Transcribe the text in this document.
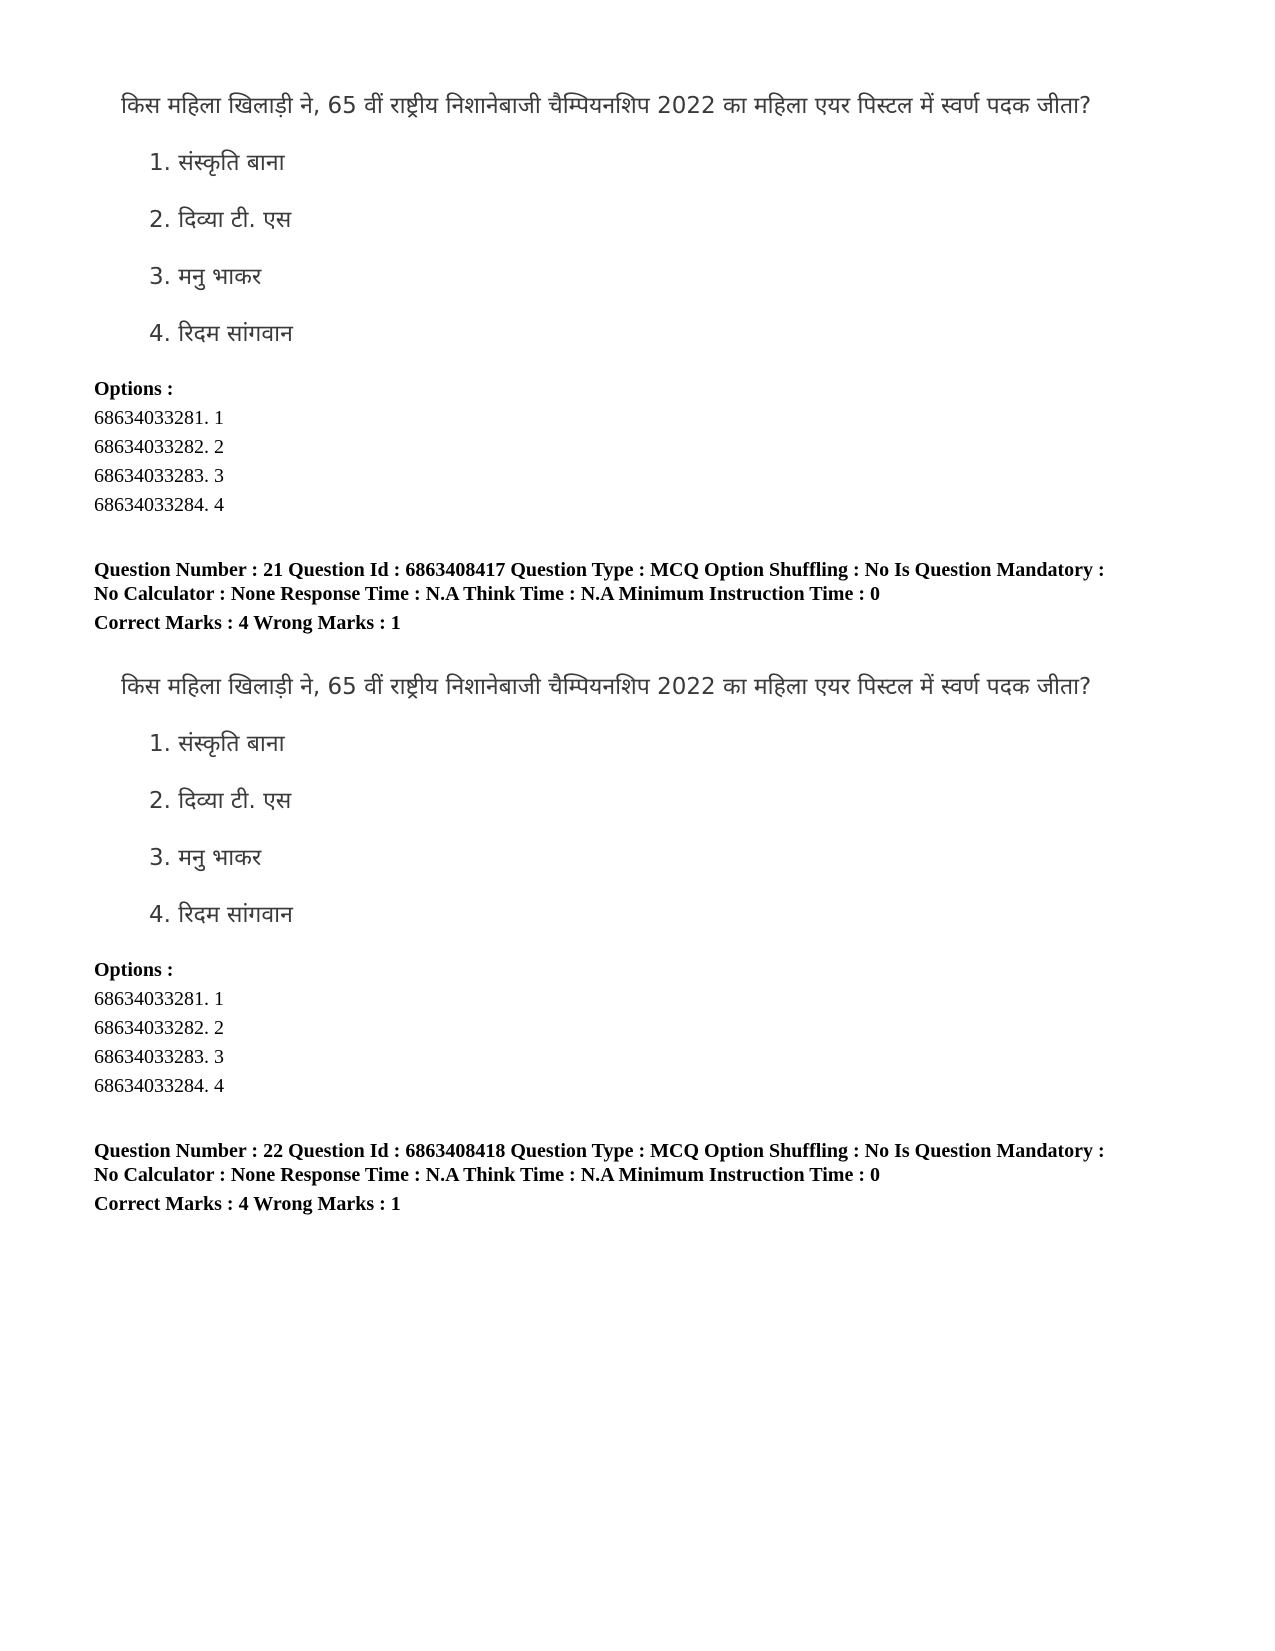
किस महिला खिलाड़ी ने, 65 वीं राष्ट्रीय निशानेबाजी चैम्पियनशिप 2022 का महिला एयर पिस्टल में स्वर्ण पदक जीता?
1. संस्कृति बाना
2. दिव्या टी. एस
3. मनु भाकर
4. रिदम सांगवान
Options :
68634033281. 1
68634033282. 2
68634033283. 3
68634033284. 4
Question Number : 21 Question Id : 6863408417 Question Type : MCQ Option Shuffling : No Is Question Mandatory :
No Calculator : None Response Time : N.A Think Time : N.A Minimum Instruction Time : 0
Correct Marks : 4 Wrong Marks : 1
किस महिला खिलाड़ी ने, 65 वीं राष्ट्रीय निशानेबाजी चैम्पियनशिप 2022 का महिला एयर पिस्टल में स्वर्ण पदक जीता?
1. संस्कृति बाना
2. दिव्या टी. एस
3. मनु भाकर
4. रिदम सांगवान
Options :
68634033281. 1
68634033282. 2
68634033283. 3
68634033284. 4
Question Number : 22 Question Id : 6863408418 Question Type : MCQ Option Shuffling : No Is Question Mandatory :
No Calculator : None Response Time : N.A Think Time : N.A Minimum Instruction Time : 0
Correct Marks : 4 Wrong Marks : 1
